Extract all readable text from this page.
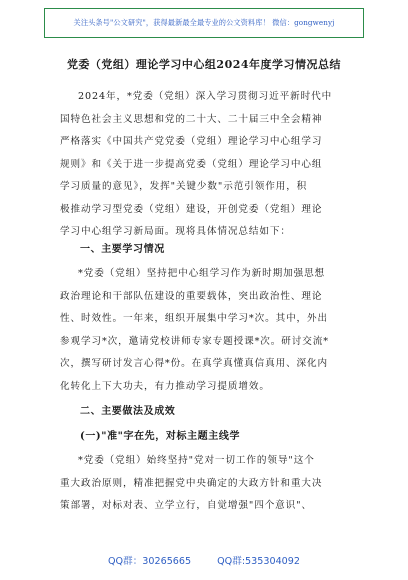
关注头条号"公文研究"，获得最新最全最专业的公文资料库！ 微信：gongwenyj
党委（党组）理论学习中心组2024年度学习情况总结
2024年，*党委（党组）深入学习贯彻习近平新时代中
国特色社会主义思想和党的二十大、二十届三中全会精神
严格落实《中国共产党党委（党组）理论学习中心组学习
规则》和《关于进一步提高党委（党组）理论学习中心组
学习质量的意见》，发挥"关键少数"示范引领作用，积
极推动学习型党委（党组）建设，开创党委（党组）理论
学习中心组学习新局面。现将具体情况总结如下：
一、主要学习情况
*党委（党组）坚持把中心组学习作为新时期加强思想
政治理论和干部队伍建设的重要载体，突出政治性、理论
性、时效性。一年来，组织开展集中学习*次。其中，外出
参观学习*次，邀请党校讲师专家专题授课*次。研讨交流*
次，撰写研讨发言心得*份。在真学真懂真信真用、深化内
化转化上下大功夫，有力推动学习提质增效。
二、主要做法及成效
(一)"准"字在先，对标主题主线学
*党委（党组）始终坚持"党对一切工作的领导"这个
重大政治原则，精准把握党中央确定的大政方针和重大决
策部署，对标对表、立学立行，自觉增强"四个意识"、
QQ群：30265665	QQ群:535304092
